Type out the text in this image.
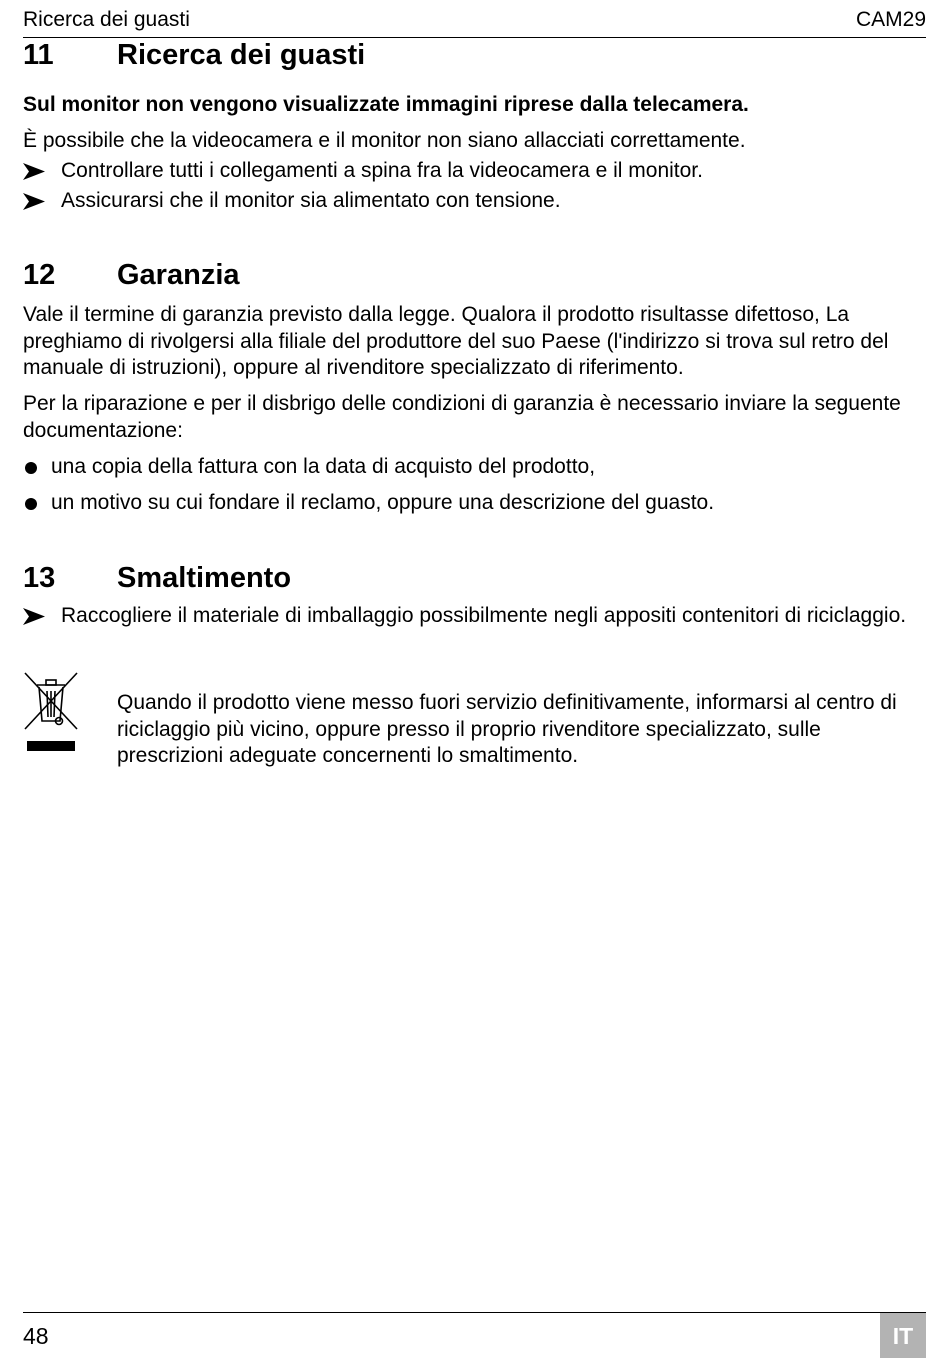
Ricerca dei guasti	CAM29
11 Ricerca dei guasti

Sul monitor non vengono visualizzate immagini riprese dalla telecamera.

È possibile che la videocamera e il monitor non siano allacciati correttamente.

Controllare tutti i collegamenti a spina fra la videocamera e il monitor.
Assicurarsi che il monitor sia alimentato con tensione.
12 Garanzia

Vale il termine di garanzia previsto dalla legge. Qualora il prodotto risultasse difettoso, La preghiamo di rivolgersi alla filiale del produttore del suo Paese (l'indirizzo si trova sul retro del manuale di istruzioni), oppure al rivenditore specializzato di riferimento.

Per la riparazione e per il disbrigo delle condizioni di garanzia è necessario inviare la seguente documentazione:

una copia della fattura con la data di acquisto del prodotto,
un motivo su cui fondare il reclamo, oppure una descrizione del guasto.
13 Smaltimento
Raccogliere il materiale di imballaggio possibilmente negli appositi contenitori di riciclaggio.

Quando il prodotto viene messo fuori servizio definitivamente, informarsi al centro di riciclaggio più vicino, oppure presso il proprio rivenditore specializzato, sulle prescrizioni adeguate concernenti lo smaltimento.

48	IT
